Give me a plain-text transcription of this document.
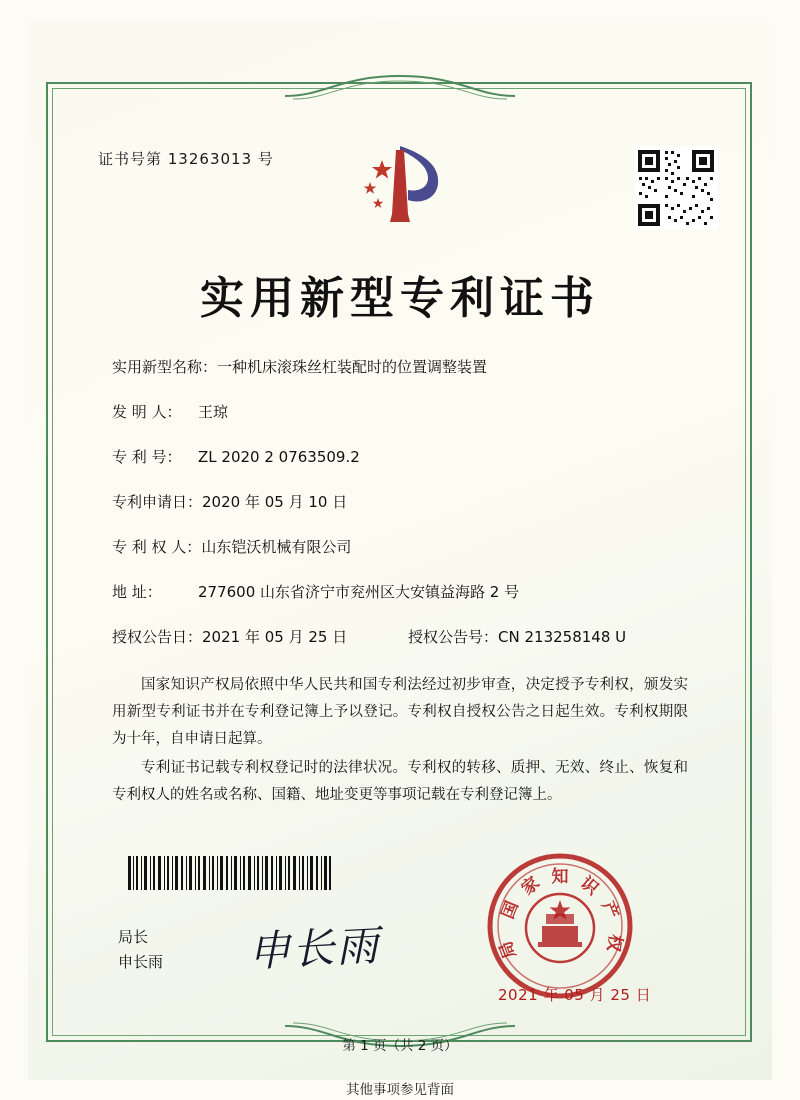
证书号第 13263013 号
实用新型专利证书
实用新型名称：一种机床滚珠丝杠装配时的位置调整装置
发 明 人： 王琼
专 利 号： ZL 2020 2 0763509.2
专利申请日：2020 年 05 月 10 日
专 利 权 人：山东铠沃机械有限公司
地 址： 277600 山东省济宁市兖州区大安镇益海路 2 号
授权公告日：2021 年 05 月 25 日	授权公告号：CN 213258148 U

国家知识产权局依照中华人民共和国专利法经过初步审查，决定授予专利权，颁发实用新型专利证书并在专利登记簿上予以登记。专利权自授权公告之日起生效。专利权期限为十年，自申请日起算。

专利证书记载专利权登记时的法律状况。专利权的转移、质押、无效、终止、恢复和专利权人的姓名或名称、国籍、地址变更等事项记载在专利登记簿上。

局长
申长雨 申长雨
知
家
国
局
识
产
权
2021 年 05 月 25 日
第 1 页（共 2 页）
其他事项参见背面
